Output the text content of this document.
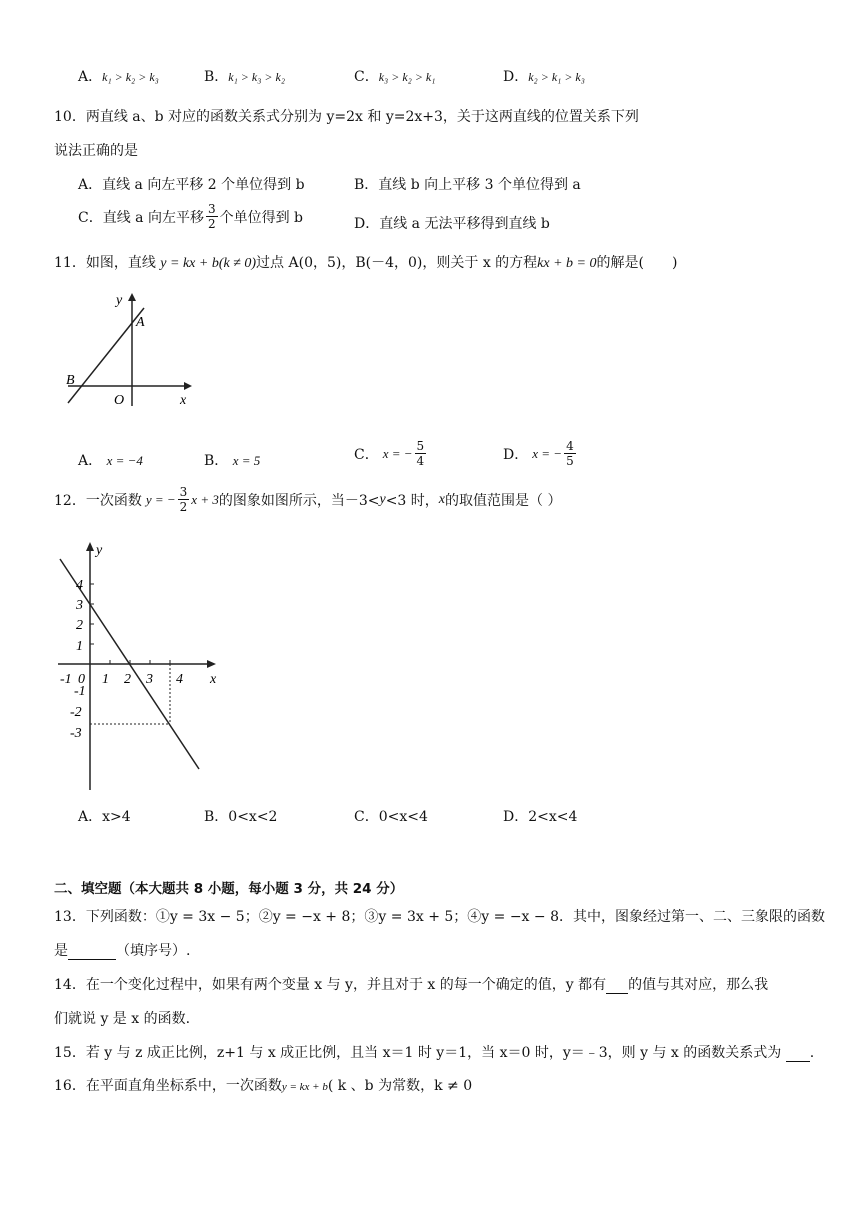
A．k₁ > k₂ > k₃	B．k₁ > k₃ > k₂	C．k₃ > k₂ > k₁	D．k₂ > k₁ > k₃
10．两直线 a、b 对应的函数关系式分别为 y=2x 和 y=2x+3，关于这两直线的位置关系下列
说法正确的是
A．直线 a 向左平移 2 个单位得到 b	B．直线 b 向上平移 3 个单位得到 a
C．直线 a 向左平移 $\frac{3}{2}$ 个单位得到 b	D．直线 a 无法平移得到直线 b
11．如图，直线 y = kx + b(k ≠ 0)过点 A(0，5)，B(－4，0)，则关于 x 的方程kx + b = 0的解是(　　)
y
A
B
O	x
A． x = −4	B． x = 5	C． x = − $\frac{5}{4}$	D． x = − $\frac{4}{5}$
12．一次函数 y = − $\frac{3}{2}$ x + 3 的图象如图所示，当－3< y <3 时， x 的取值范围是（ ）
y
x
4
3
2
1
-1
-2
-3
-1 0 1 2 3 4
A．x>4	B．0<x<2	C．0<x<4	D．2<x<4
二、填空题（本大题共 8 小题，每小题 3 分，共 24 分）
13．下列函数：①y = 3x − 5；②y = −x + 8；③y = 3x + 5；④y = −x − 8．其中，图象经过第一、二、三象限的函数
是	（填序号）.
14．在一个变化过程中，如果有两个变量 x 与 y，并且对于 x 的每一个确定的值，y 都有 的值与其对应，那么我
们就说 y 是 x 的函数.
15．若 y 与 z 成正比例，z+1 与 x 成正比例，且当 x＝1 时 y＝1，当 x＝0 时，y＝﹣3，则 y 与 x 的函数关系式为 .
16．在平面直角坐标系中，一次函数y = kx + b( k 、b 为常数，k ≠ 0
